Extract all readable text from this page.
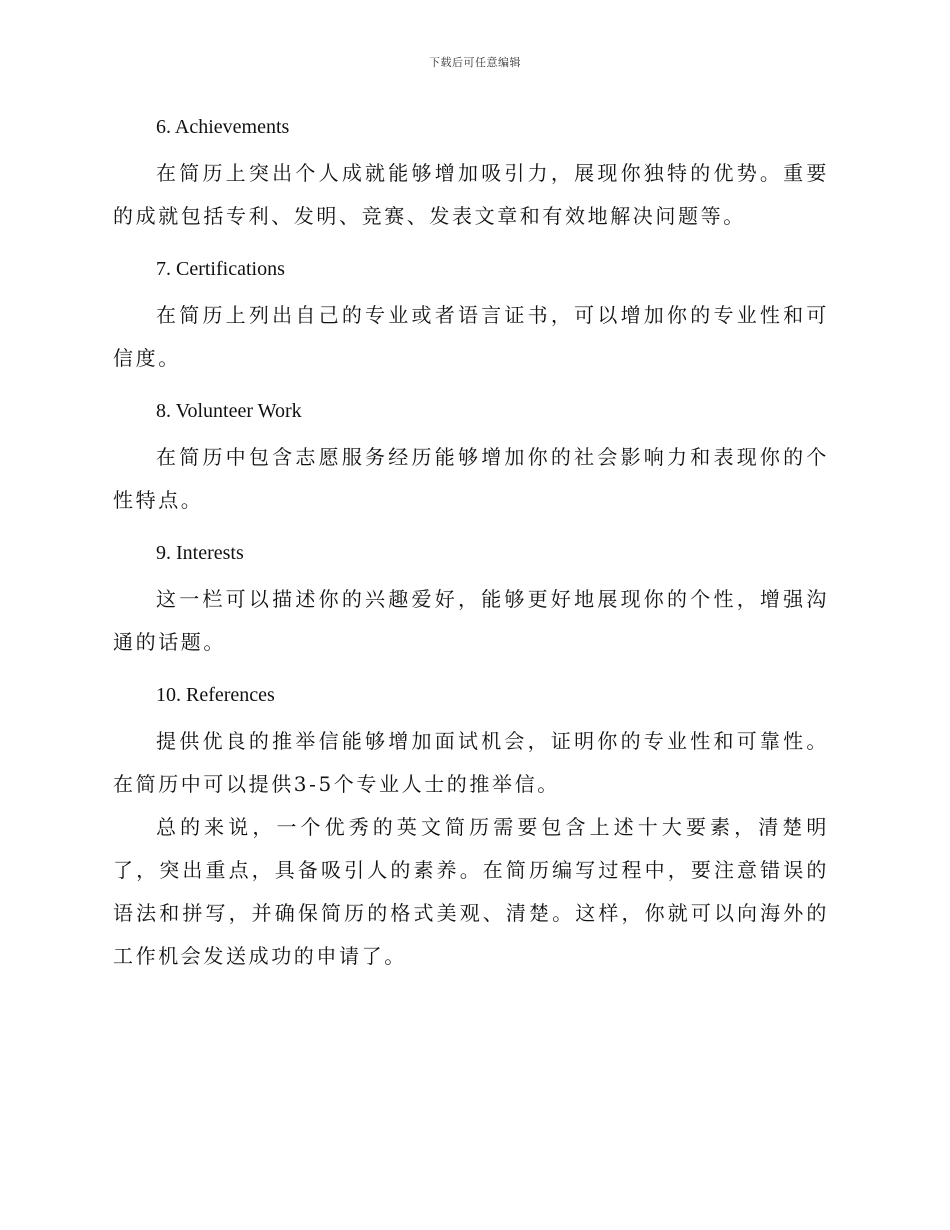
下载后可任意编辑
6. Achievements

在简历上突出个人成就能够增加吸引力，展现你独特的优势。重要的成就包括专利、发明、竞赛、发表文章和有效地解决问题等。

7. Certifications

在简历上列出自己的专业或者语言证书，可以增加你的专业性和可信度。

8. Volunteer Work

在简历中包含志愿服务经历能够增加你的社会影响力和表现你的个性特点。

9. Interests

这一栏可以描述你的兴趣爱好，能够更好地展现你的个性，增强沟通的话题。

10. References

提供优良的推举信能够增加面试机会，证明你的专业性和可靠性。在简历中可以提供3-5个专业人士的推举信。

总的来说，一个优秀的英文简历需要包含上述十大要素，清楚明了，突出重点，具备吸引人的素养。在简历编写过程中，要注意错误的语法和拼写，并确保简历的格式美观、清楚。这样，你就可以向海外的工作机会发送成功的申请了。
